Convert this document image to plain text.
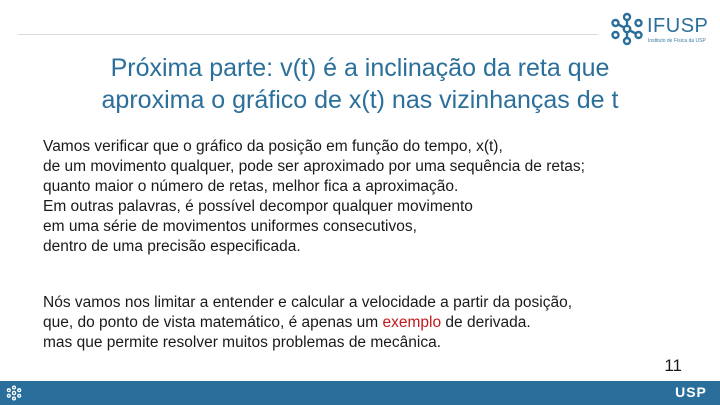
IFUSP
Instituto de Física da USP
Próxima parte: v(t) é a inclinação da reta que
aproxima o gráfico de x(t) nas vizinhanças de t
Vamos verificar que o gráfico da posição em função do tempo, x(t),
de um movimento qualquer, pode ser aproximado por uma sequência de retas;
quanto maior o número de retas, melhor fica a aproximação.
Em outras palavras, é possível decompor qualquer movimento
em uma série de movimentos uniformes consecutivos,
dentro de uma precisão especificada.
Nós vamos nos limitar a entender e calcular a velocidade a partir da posição,
que, do ponto de vista matemático, é apenas um exemplo de derivada.
mas que permite resolver muitos problemas de mecânica.
11
USP
